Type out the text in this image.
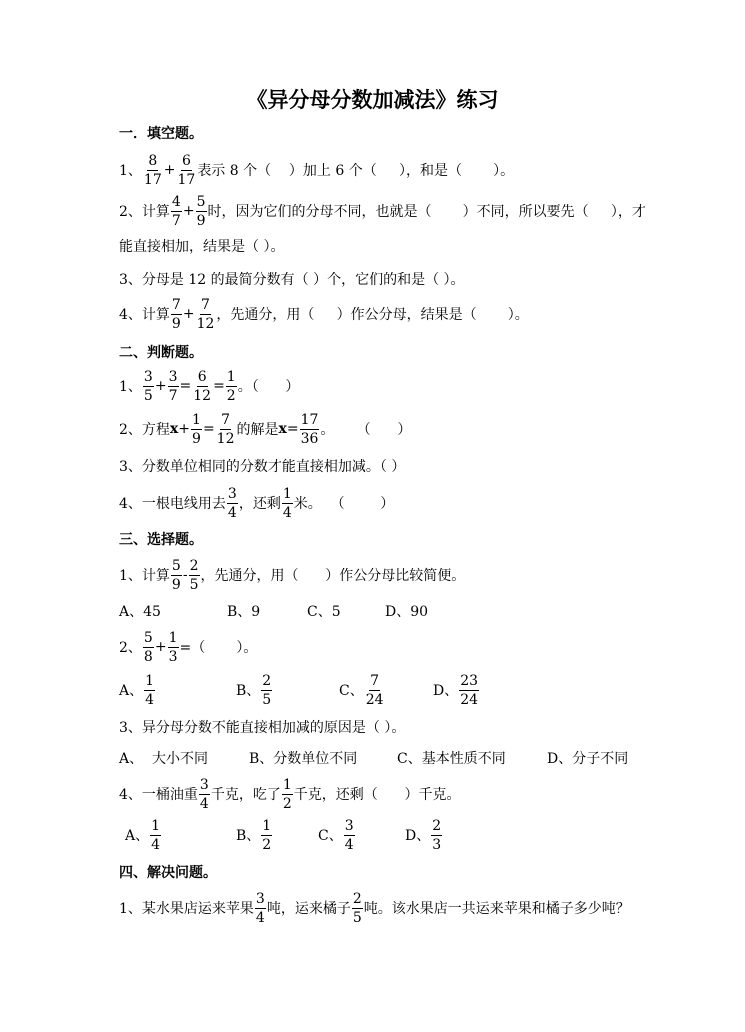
《异分母分数加减法》练习
一．填空题。
1、 $\frac{8}{17} + \frac{6}{17}$ 表示 8 个（    ）加上 6 个（     ），和是（       ）。
2、计算 $\frac{4}{7} + \frac{5}{9}$ 时，因为它们的分母不同，也就是（       ）不同，所以要先（     ），才
能直接相加，结果是（ ）。
3、分母是 12 的最简分数有（ ）个，它们的和是（ ）。
4、计算 $\frac{7}{9} + \frac{7}{12}$ ，先通分，用（     ）作公分母，结果是（       ）。
二、判断题。
1、 $\frac{3}{5} + \frac{3}{7} = \frac{6}{12} = \frac{1}{2}$ 。（      ）
2、方程 $x + \frac{1}{9} = \frac{7}{12}$ 的解是 $x = \frac{17}{36}$ 。     （      ）
3、分数单位相同的分数才能直接相加减。（ ）
4、一根电线用去 $\frac{3}{4}$ ，还剩 $\frac{1}{4}$ 米。  （        ）
三、选择题。
1、计算 $\frac{5}{9} - \frac{2}{5}$ ，先通分，用（      ）作公分母比较简便。
A、45	B、9	C、5	D、90
2、 $\frac{5}{8} + \frac{1}{3}$ =（       ）。
A、 $\frac{1}{4}$	B、 $\frac{2}{5}$	C、 $\frac{7}{24}$	D、 $\frac{23}{24}$
3、异分母分数不能直接相加减的原因是（ ）。
A、  大小不同	B、分数单位不同	C、基本性质不同	D、分子不同
4、一桶油重 $\frac{3}{4}$ 千克，吃了 $\frac{1}{2}$ 千克，还剩（      ）千克。
A、 $\frac{1}{4}$	B、 $\frac{1}{2}$	C、 $\frac{3}{4}$	D、 $\frac{2}{3}$
四、解决问题。
1、某水果店运来苹果 $\frac{3}{4}$ 吨，运来橘子 $\frac{2}{5}$ 吨。该水果店一共运来苹果和橘子多少吨？
